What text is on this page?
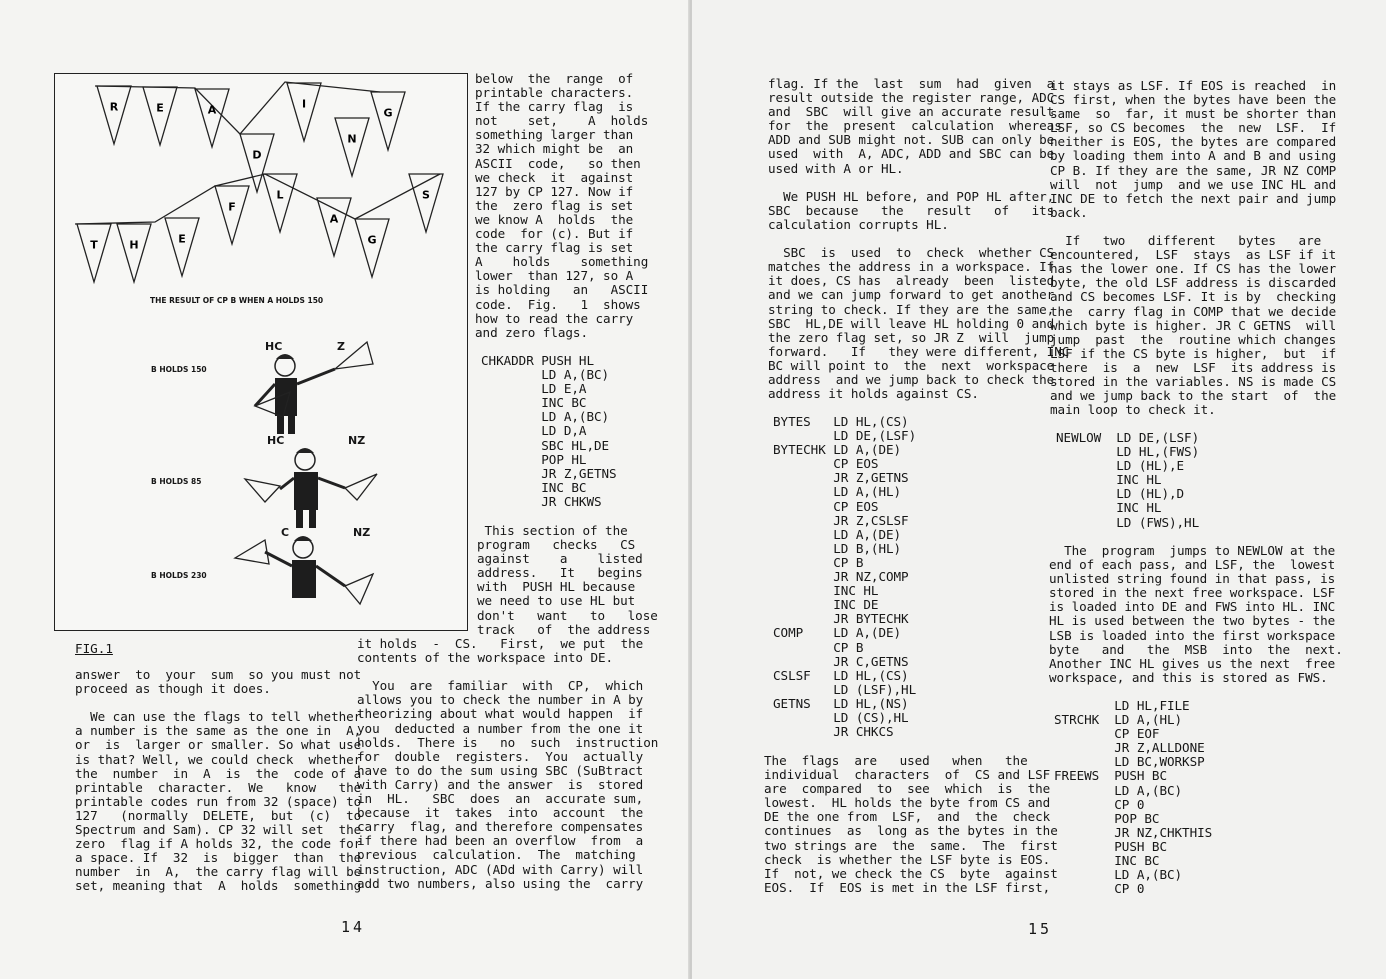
R	E	A
D
I
N
G
T	H	E
F
L
A
G
S
THE RESULT OF CP B WHEN A HOLDS 150
B HOLDS 150
HC	Z
B HOLDS 85
HC	NZ
B HOLDS 230
C	NZ
FIG.1
below  the  range  of
printable characters.
If the carry flag  is
not    set,    A  holds
something larger than
32 which might be  an
ASCII  code,   so then
we check  it  against
127 by CP 127. Now if
the  zero flag is set
we know A  holds  the
code  for (c). But if
the carry flag is set
A    holds    something
lower  than 127, so A
is holding   an   ASCII
code.  Fig.   1  shows
how to read the carry
and zero flags.
CHKADDR PUSH HL
LD A,(BC)
LD E,A
INC BC
LD A,(BC)
LD D,A
SBC HL,DE
POP HL
JR Z,GETNS
INC BC
JR CHKWS
This section of the
program   checks   CS
against    a    listed
address.   It   begins
with  PUSH HL because
we need to use HL but
don't   want   to   lose
track   of  the address
it holds  -  CS.   First,  we put  the
contents of the workspace into DE.

You  are  familiar  with  CP,  which
allows you to check the number in A by
theorizing about what would happen  if
you  deducted a number from the one it
holds.  There is   no  such  instruction
for  double  registers.  You  actually
have to do the sum using SBC (SuBtract
with Carry) and the answer  is  stored
in  HL.   SBC  does  an  accurate sum,
because  it  takes  into  account  the
carry  flag, and therefore compensates
if there had been an overflow  from  a
previous  calculation.  The  matching
instruction, ADC (ADd with Carry) will
add two numbers, also using the  carry
answer  to  your  sum  so you must not
proceed as though it does.

We can use the flags to tell whether
a number is the same as the one in  A,
or  is  larger or smaller. So what use
is that? Well, we could check  whether
the  number  in  A  is  the  code of a
printable  character.  We   know   the
printable codes run from 32 (space) to
127   (normally  DELETE,  but  (c)  to
Spectrum and Sam). CP 32 will set  the
zero  flag if A holds 32, the code for
a space. If  32  is  bigger  than  the
number  in  A,  the carry flag will be
set, meaning that  A  holds  something
14
flag. If the  last  sum  had  given  a
result outside the register range, ADC
and  SBC  will give an accurate result
for  the  present  calculation  whereas
ADD and SUB might not. SUB can only be
used  with  A, ADC, ADD and SBC can be
used with A or HL.

We PUSH HL before, and POP HL after,
SBC  because   the   result   of   its
calculation corrupts HL.

SBC  is  used  to  check  whether CS
matches the address in a workspace. If
it does, CS has  already  been  listed
and we can jump forward to get another
string to check. If they are the same,
SBC  HL,DE will leave HL holding 0 and
the zero flag set, so JR Z  will  jump
forward.   If   they were different, INC
BC will point to  the  next  workspace
address  and we jump back to check the
address it holds against CS.
BYTES   LD HL,(CS)
LD DE,(LSF)
BYTECHK LD A,(DE)
CP EOS
JR Z,GETNS
LD A,(HL)
CP EOS
JR Z,CSLSF
LD A,(DE)
LD B,(HL)
CP B
JR NZ,COMP
INC HL
INC DE
JR BYTECHK
COMP    LD A,(DE)
CP B
JR C,GETNS
CSLSF   LD HL,(CS)
LD (LSF),HL
GETNS   LD HL,(NS)
LD (CS),HL
JR CHKCS
The  flags  are   used   when   the
individual  characters  of  CS and LSF
are  compared  to  see  which  is  the
lowest.  HL holds the byte from CS and
DE the one from  LSF,  and  the  check
continues  as  long as the bytes in the
two strings are  the  same.  The  first
check  is whether the LSF byte is EOS.
If  not, we check the CS  byte  against
EOS.  If  EOS is met in the LSF first,
it stays as LSF. If EOS is reached  in
CS first, when the bytes have been the
same  so  far, it must be shorter than
LSF, so CS becomes  the  new  LSF.  If
neither is EOS, the bytes are compared
by loading them into A and B and using
CP B. If they are the same, JR NZ COMP
will  not  jump  and we use INC HL and
INC DE to fetch the next pair and jump
back.

If   two   different   bytes   are
encountered,  LSF  stays  as LSF if it
has the lower one. If CS has the lower
byte, the old LSF address is discarded
and CS becomes LSF. It is by  checking
the  carry flag in COMP that we decide
which byte is higher. JR C GETNS  will
jump  past  the  routine which changes
LSF if the CS byte is higher,  but  if
there  is  a  new  LSF  its address is
stored in the variables. NS is made CS
and we jump back to the start  of  the
main loop to check it.
NEWLOW  LD DE,(LSF)
LD HL,(FWS)
LD (HL),E
INC HL
LD (HL),D
INC HL
LD (FWS),HL
The  program  jumps to NEWLOW at the
end of each pass, and LSF, the  lowest
unlisted string found in that pass, is
stored in the next free workspace. LSF
is loaded into DE and FWS into HL. INC
HL is used between the two bytes - the
LSB is loaded into the first workspace
byte   and   the  MSB  into  the  next.
Another INC HL gives us the next  free
workspace, and this is stored as FWS.
LD HL,FILE
STRCHK  LD A,(HL)
CP EOF
JR Z,ALLDONE
LD BC,WORKSP
FREEWS  PUSH BC
LD A,(BC)
CP 0
POP BC
JR NZ,CHKTHIS
PUSH BC
INC BC
LD A,(BC)
CP 0
15
